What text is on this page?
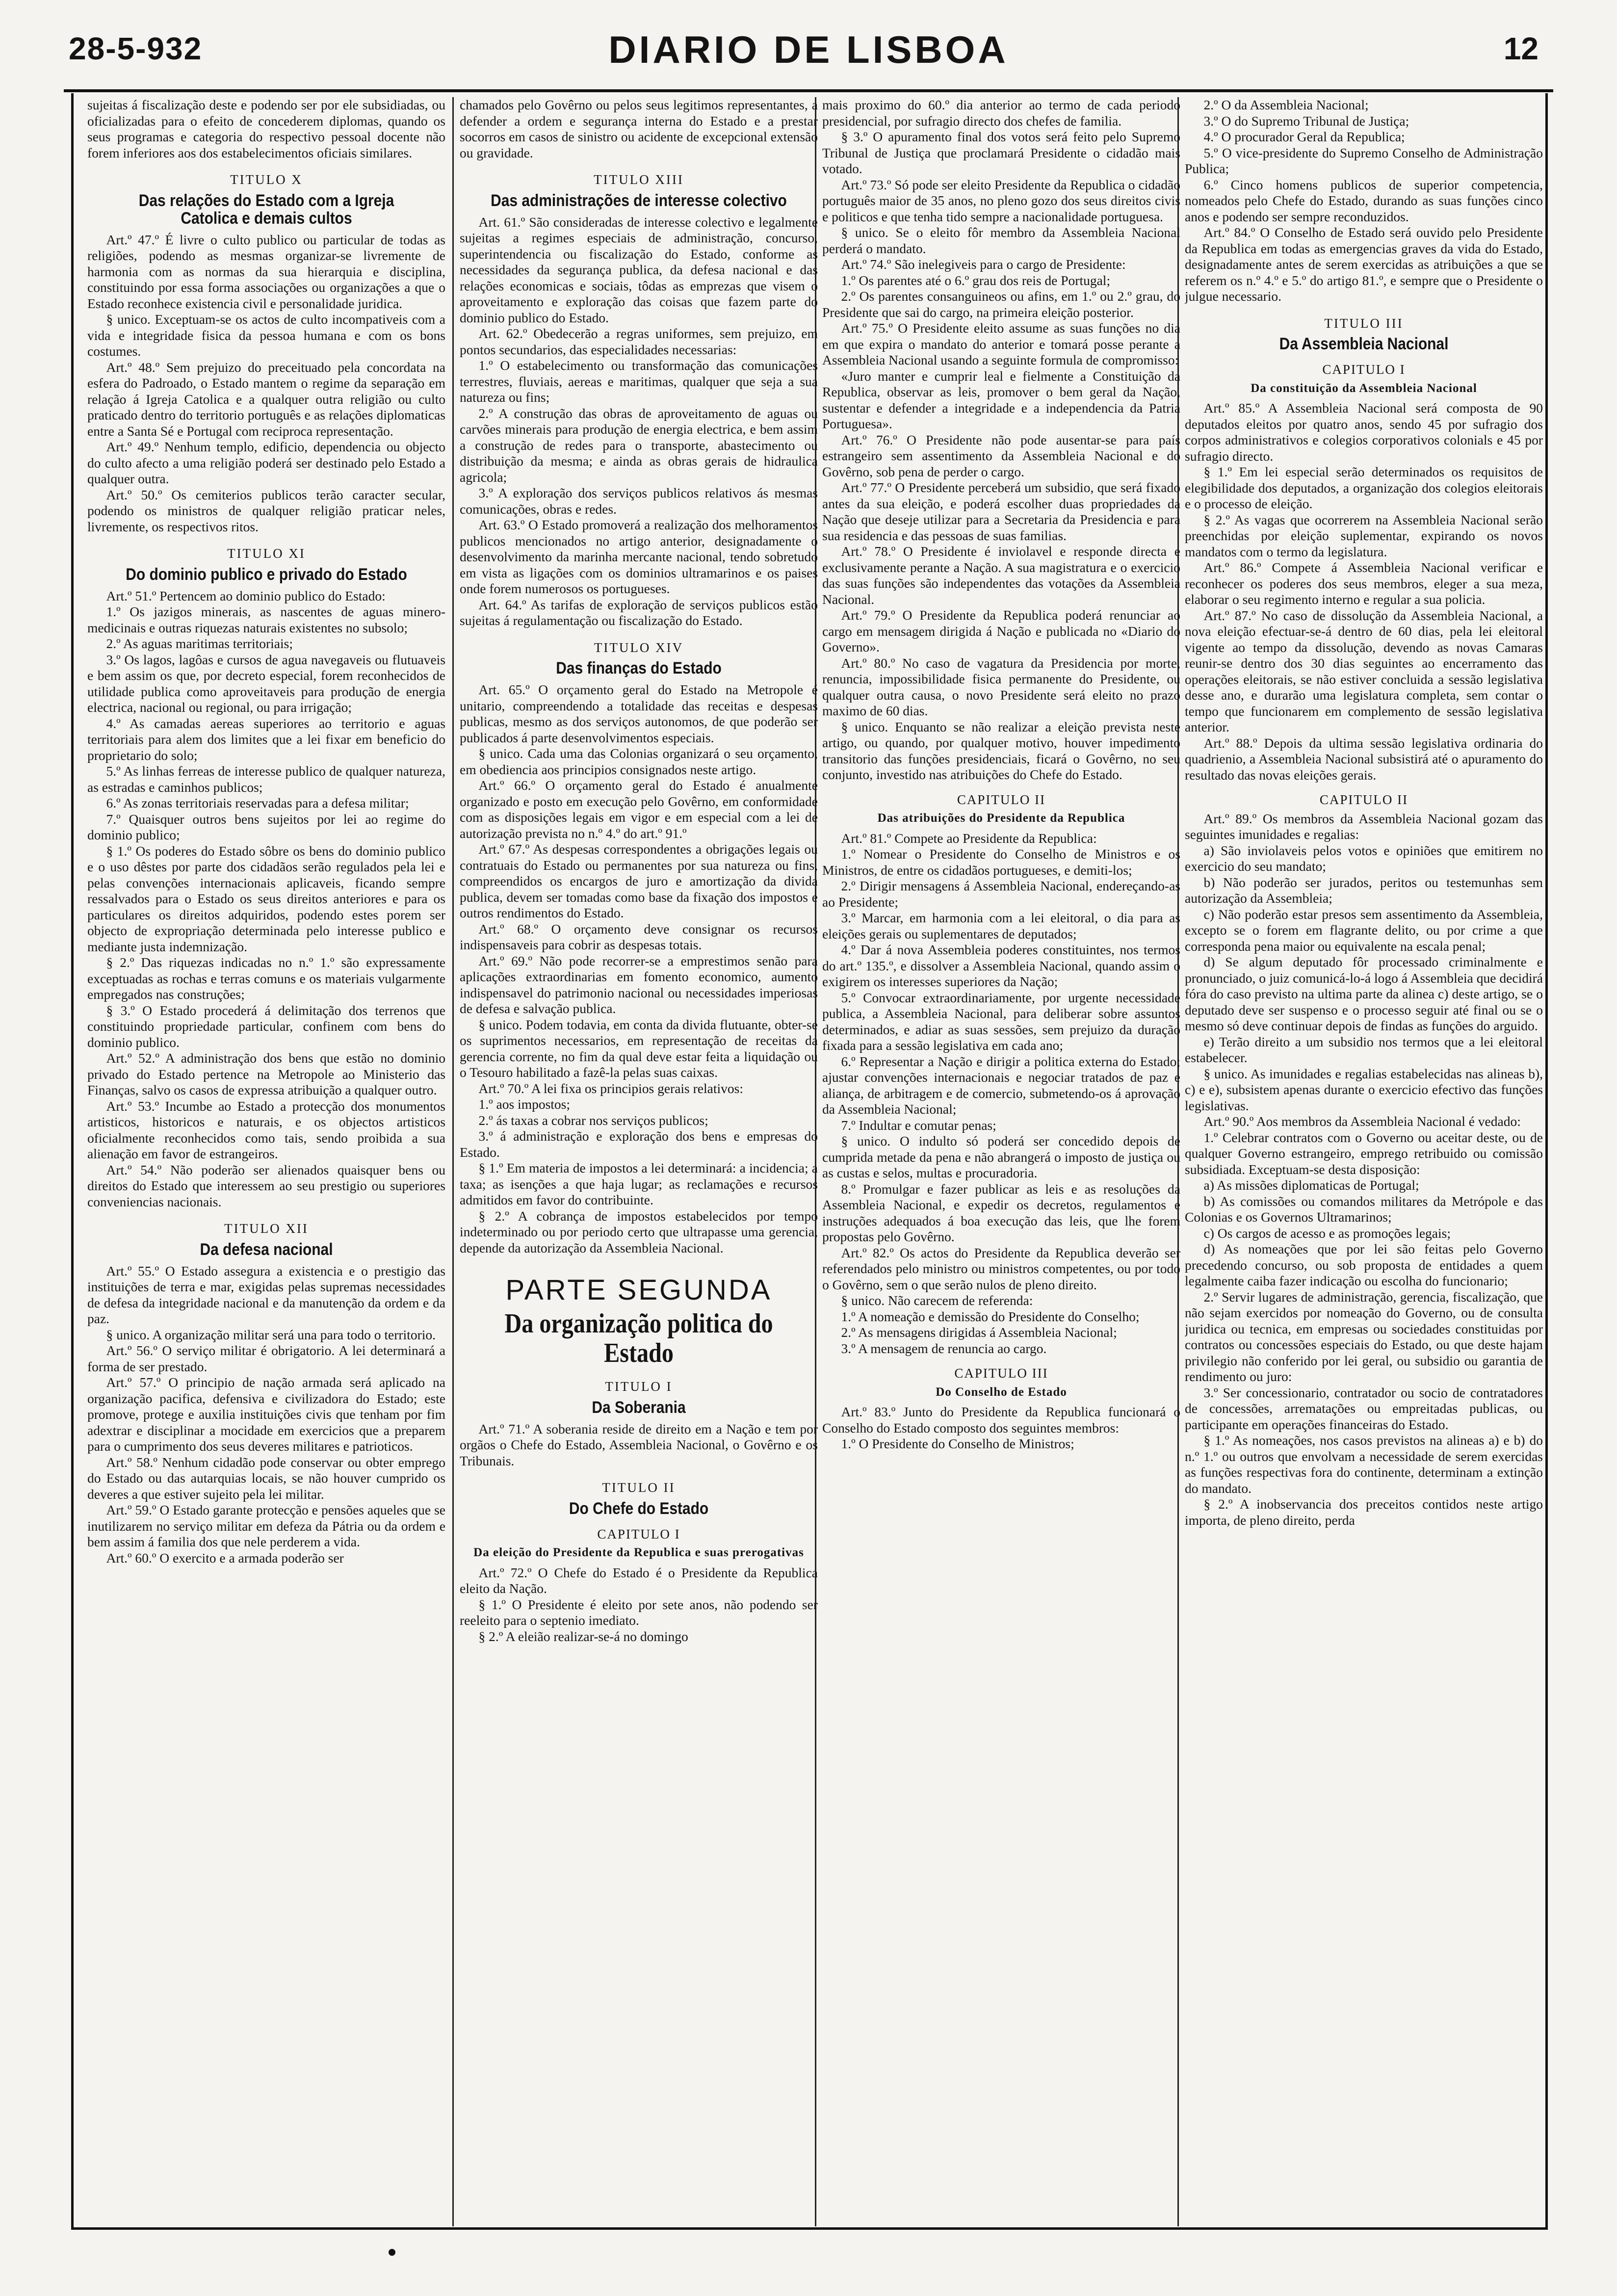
28-5-932	DIARIO DE LISBOA	12

sujeitas á fiscalização deste e podendo ser por ele subsidiadas, ou oficializadas para o efeito de concederem diplomas, quando os seus programas e categoria do respectivo pessoal docente não forem inferiores aos dos estabelecimentos oficiais similares.

TITULO X

Das relações do Estado com a Igreja Catolica e demais cultos

Art.º 47.º É livre o culto publico ou particular de todas as religiões, podendo as mesmas organizar-se livremente de harmonia com as normas da sua hierarquia e disciplina, constituindo por essa forma associações ou organizações a que o Estado reconhece existencia civil e personalidade juridica.

§ unico. Exceptuam-se os actos de culto incompativeis com a vida e integridade fisica da pessoa humana e com os bons costumes.

Art.º 48.º Sem prejuizo do preceituado pela concordata na esfera do Padroado, o Estado mantem o regime da separação em relação á Igreja Catolica e a qualquer outra religião ou culto praticado dentro do territorio português e as relações diplomaticas entre a Santa Sé e Portugal com reciproca representação.

Art.º 49.º Nenhum templo, edificio, dependencia ou objecto do culto afecto a uma religião poderá ser destinado pelo Estado a qualquer outra.

Art.º 50.º Os cemiterios publicos terão caracter secular, podendo os ministros de qualquer religião praticar neles, livremente, os respectivos ritos.

TITULO XI

Do dominio publico e privado do Estado

Art.º 51.º Pertencem ao dominio publico do Estado:

1.º Os jazigos minerais, as nascentes de aguas minero-medicinais e outras riquezas naturais existentes no subsolo;

2.º As aguas maritimas territoriais;

3.º Os lagos, lagôas e cursos de agua navegaveis ou flutuaveis e bem assim os que, por decreto especial, forem reconhecidos de utilidade publica como aproveitaveis para produção de energia electrica, nacional ou regional, ou para irrigação;

4.º As camadas aereas superiores ao territorio e aguas territoriais para alem dos limites que a lei fixar em beneficio do proprietario do solo;

5.º As linhas ferreas de interesse publico de qualquer natureza, as estradas e caminhos publicos;

6.º As zonas territoriais reservadas para a defesa militar;

7.º Quaisquer outros bens sujeitos por lei ao regime do dominio publico;

§ 1.º Os poderes do Estado sôbre os bens do dominio publico e o uso dêstes por parte dos cidadãos serão regulados pela lei e pelas convenções internacionais aplicaveis, ficando sempre ressalvados para o Estado os seus direitos anteriores e para os particulares os direitos adquiridos, podendo estes porem ser objecto de expropriação determinada pelo interesse publico e mediante justa indemnização.

§ 2.º Das riquezas indicadas no n.º 1.º são expressamente exceptuadas as rochas e terras comuns e os materiais vulgarmente empregados nas construções;

§ 3.º O Estado procederá á delimitação dos terrenos que constituindo propriedade particular, confinem com bens do dominio publico.

Art.º 52.º A administração dos bens que estão no dominio privado do Estado pertence na Metropole ao Ministerio das Finanças, salvo os casos de expressa atribuição a qualquer outro.

Art.º 53.º Incumbe ao Estado a protecção dos monumentos artisticos, historicos e naturais, e os objectos artisticos oficialmente reconhecidos como tais, sendo proibida a sua alienação em favor de estrangeiros.

Art.º 54.º Não poderão ser alienados quaisquer bens ou direitos do Estado que interessem ao seu prestigio ou superiores conveniencias nacionais.

TITULO XII

Da defesa nacional

Art.º 55.º O Estado assegura a existencia e o prestigio das instituições de terra e mar, exigidas pelas supremas necessidades de defesa da integridade nacional e da manutenção da ordem e da paz.

§ unico. A organização militar será una para todo o territorio.

Art.º 56.º O serviço militar é obrigatorio. A lei determinará a forma de ser prestado.

Art.º 57.º O principio de nação armada será aplicado na organização pacifica, defensiva e civilizadora do Estado; este promove, protege e auxilia instituições civis que tenham por fim adextrar e disciplinar a mocidade em exercicios que a preparem para o cumprimento dos seus deveres militares e patrioticos.

Art.º 58.º Nenhum cidadão pode conservar ou obter emprego do Estado ou das autarquias locais, se não houver cumprido os deveres a que estiver sujeito pela lei militar.

Art.º 59.º O Estado garante protecção e pensões aqueles que se inutilizarem no serviço militar em defeza da Pátria ou da ordem e bem assim á familia dos que nele perderem a vida.

Art.º 60.º O exercito e a armada poderão ser

chamados pelo Govêrno ou pelos seus legitimos representantes, a defender a ordem e segurança interna do Estado e a prestar socorros em casos de sinistro ou acidente de excepcional extensão ou gravidade.

TITULO XIII

Das administrações de interesse colectivo

Art. 61.º São consideradas de interesse colectivo e legalmente sujeitas a regimes especiais de administração, concurso, superintendencia ou fiscalização do Estado, conforme as necessidades da segurança publica, da defesa nacional e das relações economicas e sociais, tôdas as emprezas que visem o aproveitamento e exploração das coisas que fazem parte do dominio publico do Estado.

Art. 62.º Obedecerão a regras uniformes, sem prejuizo, em pontos secundarios, das especialidades necessarias:

1.º O estabelecimento ou transformação das comunicações terrestres, fluviais, aereas e maritimas, qualquer que seja a sua natureza ou fins;

2.º A construção das obras de aproveitamento de aguas ou carvões minerais para produção de energia electrica, e bem assim a construção de redes para o transporte, abastecimento ou distribuição da mesma; e ainda as obras gerais de hidraulica agricola;

3.º A exploração dos serviços publicos relativos ás mesmas comunicações, obras e redes.

Art. 63.º O Estado promoverá a realização dos melhoramentos publicos mencionados no artigo anterior, designadamente o desenvolvimento da marinha mercante nacional, tendo sobretudo em vista as ligações com os dominios ultramarinos e os paises onde forem numerosos os portugueses.

Art. 64.º As tarifas de exploração de serviços publicos estão sujeitas á regulamentação ou fiscalização do Estado.

TITULO XIV

Das finanças do Estado

Art. 65.º O orçamento geral do Estado na Metropole é unitario, compreendendo a totalidade das receitas e despesas publicas, mesmo as dos serviços autonomos, de que poderão ser publicados á parte desenvolvimentos especiais.

§ unico. Cada uma das Colonias organizará o seu orçamento, em obediencia aos principios consignados neste artigo.

Art.º 66.º O orçamento geral do Estado é anualmente organizado e posto em execução pelo Govêrno, em conformidade com as disposições legais em vigor e em especial com a lei de autorização prevista no n.º 4.º do art.º 91.º

Art.º 67.º As despesas correspondentes a obrigações legais ou contratuais do Estado ou permanentes por sua natureza ou fins, compreendidos os encargos de juro e amortização da divida publica, devem ser tomadas como base da fixação dos impostos e outros rendimentos do Estado.

Art.º 68.º O orçamento deve consignar os recursos indispensaveis para cobrir as despesas totais.

Art.º 69.º Não pode recorrer-se a emprestimos senão para aplicações extraordinarias em fomento economico, aumento indispensavel do patrimonio nacional ou necessidades imperiosas de defesa e salvação publica.

§ unico. Podem todavia, em conta da divida flutuante, obter-se os suprimentos necessarios, em representação de receitas da gerencia corrente, no fim da qual deve estar feita a liquidação ou o Tesouro habilitado a fazê-la pelas suas caixas.

Art.º 70.º A lei fixa os principios gerais relativos:

1.º aos impostos;

2.º ás taxas a cobrar nos serviços publicos;

3.º á administração e exploração dos bens e empresas do Estado.

§ 1.º Em materia de impostos a lei determinará: a incidencia; a taxa; as isenções a que haja lugar; as reclamações e recursos admitidos em favor do contribuinte.

§ 2.º A cobrança de impostos estabelecidos por tempo indeterminado ou por periodo certo que ultrapasse uma gerencia, depende da autorização da Assembleia Nacional.

PARTE SEGUNDA

Da organização politica do Estado

TITULO I

Da Soberania

Art.º 71.º A soberania reside de direito em a Nação e tem por orgãos o Chefe do Estado, Assembleia Nacional, o Govêrno e os Tribunais.

TITULO II

Do Chefe do Estado

CAPITULO I

Da eleição do Presidente da Republica e suas prerogativas

Art.º 72.º O Chefe do Estado é o Presidente da Republica eleito da Nação.

§ 1.º O Presidente é eleito por sete anos, não podendo ser reeleito para o septenio imediato.

§ 2.º A eleião realizar-se-á no domingo

mais proximo do 60.º dia anterior ao termo de cada periodo presidencial, por sufragio directo dos chefes de familia.

§ 3.º O apuramento final dos votos será feito pelo Supremo Tribunal de Justiça que proclamará Presidente o cidadão mais votado.

Art.º 73.º Só pode ser eleito Presidente da Republica o cidadão português maior de 35 anos, no pleno gozo dos seus direitos civis e politicos e que tenha tido sempre a nacionalidade portuguesa.

§ unico. Se o eleito fôr membro da Assembleia Nacional perderá o mandato.

Art.º 74.º São inelegiveis para o cargo de Presidente:

1.º Os parentes até o 6.º grau dos reis de Portugal;

2.º Os parentes consanguineos ou afins, em 1.º ou 2.º grau, do Presidente que sai do cargo, na primeira eleição posterior.

Art.º 75.º O Presidente eleito assume as suas funções no dia em que expira o mandato do anterior e tomará posse perante a Assembleia Nacional usando a seguinte formula de compromisso:

«Juro manter e cumprir leal e fielmente a Constituição da Republica, observar as leis, promover o bem geral da Nação, sustentar e defender a integridade e a independencia da Patria Portuguesa».

Art.º 76.º O Presidente não pode ausentar-se para país estrangeiro sem assentimento da Assembleia Nacional e do Govêrno, sob pena de perder o cargo.

Art.º 77.º O Presidente perceberá um subsidio, que será fixado antes da sua eleição, e poderá escolher duas propriedades da Nação que deseje utilizar para a Secretaria da Presidencia e para sua residencia e das pessoas de suas familias.

Art.º 78.º O Presidente é inviolavel e responde directa e exclusivamente perante a Nação. A sua magistratura e o exercicio das suas funções são independentes das votações da Assembleia Nacional.

Art.º 79.º O Presidente da Republica poderá renunciar ao cargo em mensagem dirigida á Nação e publicada no «Diario do Governo».

Art.º 80.º No caso de vagatura da Presidencia por morte, renuncia, impossibilidade fisica permanente do Presidente, ou qualquer outra causa, o novo Presidente será eleito no prazo maximo de 60 dias.

§ unico. Enquanto se não realizar a eleição prevista neste artigo, ou quando, por qualquer motivo, houver impedimento transitorio das funções presidenciais, ficará o Govêrno, no seu conjunto, investido nas atribuições do Chefe do Estado.

CAPITULO II

Das atribuições do Presidente da Republica

Art.º 81.º Compete ao Presidente da Republica:

1.º Nomear o Presidente do Conselho de Ministros e os Ministros, de entre os cidadãos portugueses, e demiti-los;

2.º Dirigir mensagens á Assembleia Nacional, endereçando-as ao Presidente;

3.º Marcar, em harmonia com a lei eleitoral, o dia para as eleições gerais ou suplementares de deputados;

4.º Dar á nova Assembleia poderes constituintes, nos termos do art.º 135.º, e dissolver a Assembleia Nacional, quando assim o exigirem os interesses superiores da Nação;

5.º Convocar extraordinariamente, por urgente necessidade publica, a Assembleia Nacional, para deliberar sobre assuntos determinados, e adiar as suas sessões, sem prejuizo da duração fixada para a sessão legislativa em cada ano;

6.º Representar a Nação e dirigir a politica externa do Estado; ajustar convenções internacionais e negociar tratados de paz e aliança, de arbitragem e de comercio, submetendo-os á aprovação da Assembleia Nacional;

7.º Indultar e comutar penas;

§ unico. O indulto só poderá ser concedido depois de cumprida metade da pena e não abrangerá o imposto de justiça ou as custas e selos, multas e procuradoria.

8.º Promulgar e fazer publicar as leis e as resoluções da Assembleia Nacional, e expedir os decretos, regulamentos e instruções adequados á boa execução das leis, que lhe forem propostas pelo Govêrno.

Art.º 82.º Os actos do Presidente da Republica deverão ser referendados pelo ministro ou ministros competentes, ou por todo o Govêrno, sem o que serão nulos de pleno direito.

§ unico. Não carecem de referenda:

1.º A nomeação e demissão do Presidente do Conselho;

2.º As mensagens dirigidas á Assembleia Nacional;

3.º A mensagem de renuncia ao cargo.

CAPITULO III

Do Conselho de Estado

Art.º 83.º Junto do Presidente da Republica funcionará o Conselho do Estado composto dos seguintes membros:

1.º O Presidente do Conselho de Ministros;

2.º O da Assembleia Nacional;

3.º O do Supremo Tribunal de Justiça;

4.º O procurador Geral da Republica;

5.º O vice-presidente do Supremo Conselho de Administração Publica;

6.º Cinco homens publicos de superior competencia, nomeados pelo Chefe do Estado, durando as suas funções cinco anos e podendo ser sempre reconduzidos.

Art.º 84.º O Conselho de Estado será ouvido pelo Presidente da Republica em todas as emergencias graves da vida do Estado, designadamente antes de serem exercidas as atribuições a que se referem os n.º 4.º e 5.º do artigo 81.º, e sempre que o Presidente o julgue necessario.

TITULO III

Da Assembleia Nacional

CAPITULO I

Da constituição da Assembleia Nacional

Art.º 85.º A Assembleia Nacional será composta de 90 deputados eleitos por quatro anos, sendo 45 por sufragio dos corpos administrativos e colegios corporativos colonials e 45 por sufragio directo.

§ 1.º Em lei especial serão determinados os requisitos de elegibilidade dos deputados, a organização dos colegios eleitorais e o processo de eleição.

§ 2.º As vagas que ocorrerem na Assembleia Nacional serão preenchidas por eleição suplementar, expirando os novos mandatos com o termo da legislatura.

Art.º 86.º Compete á Assembleia Nacional verificar e reconhecer os poderes dos seus membros, eleger a sua meza, elaborar o seu regimento interno e regular a sua policia.

Art.º 87.º No caso de dissolução da Assembleia Nacional, a nova eleição efectuar-se-á dentro de 60 dias, pela lei eleitoral vigente ao tempo da dissolução, devendo as novas Camaras reunir-se dentro dos 30 dias seguintes ao encerramento das operações eleitorais, se não estiver concluida a sessão legislativa desse ano, e durarão uma legislatura completa, sem contar o tempo que funcionarem em complemento de sessão legislativa anterior.

Art.º 88.º Depois da ultima sessão legislativa ordinaria do quadrienio, a Assembleia Nacional subsistirá até o apuramento do resultado das novas eleições gerais.

CAPITULO II

Art.º 89.º Os membros da Assembleia Nacional gozam das seguintes imunidades e regalias:

a) São inviolaveis pelos votos e opiniões que emitirem no exercicio do seu mandato;

b) Não poderão ser jurados, peritos ou testemunhas sem autorização da Assembleia;

c) Não poderão estar presos sem assentimento da Assembleia, excepto se o forem em flagrante delito, ou por crime a que corresponda pena maior ou equivalente na escala penal;

d) Se algum deputado fôr processado criminalmente e pronunciado, o juiz comunicá-lo-á logo á Assembleia que decidirá fóra do caso previsto na ultima parte da alinea c) deste artigo, se o deputado deve ser suspenso e o processo seguir até final ou se o mesmo só deve continuar depois de findas as funções do arguido.

e) Terão direito a um subsidio nos termos que a lei eleitoral estabelecer.

§ unico. As imunidades e regalias estabelecidas nas alineas b), c) e e), subsistem apenas durante o exercicio efectivo das funções legislativas.

Art.º 90.º Aos membros da Assembleia Nacional é vedado:

1.º Celebrar contratos com o Governo ou aceitar deste, ou de qualquer Governo estrangeiro, emprego retribuido ou comissão subsidiada. Exceptuam-se desta disposição:

a) As missões diplomaticas de Portugal;

b) As comissões ou comandos militares da Metrópole e das Colonias e os Governos Ultramarinos;

c) Os cargos de acesso e as promoções legais;

d) As nomeações que por lei são feitas pelo Governo precedendo concurso, ou sob proposta de entidades a quem legalmente caiba fazer indicação ou escolha do funcionario;

2.º Servir lugares de administração, gerencia, fiscalização, que não sejam exercidos por nomeação do Governo, ou de consulta juridica ou tecnica, em empresas ou sociedades constituidas por contratos ou concessões especiais do Estado, ou que deste hajam privilegio não conferido por lei geral, ou subsidio ou garantia de rendimento ou juro:

3.º Ser concessionario, contratador ou socio de contratadores de concessões, arrematações ou empreitadas publicas, ou participante em operações financeiras do Estado.

§ 1.º As nomeações, nos casos previstos na alineas a) e b) do n.º 1.º ou outros que envolvam a necessidade de serem exercidas as funções respectivas fora do continente, determinam a extinção do mandato.

§ 2.º A inobservancia dos preceitos contidos neste artigo importa, de pleno direito, perda
